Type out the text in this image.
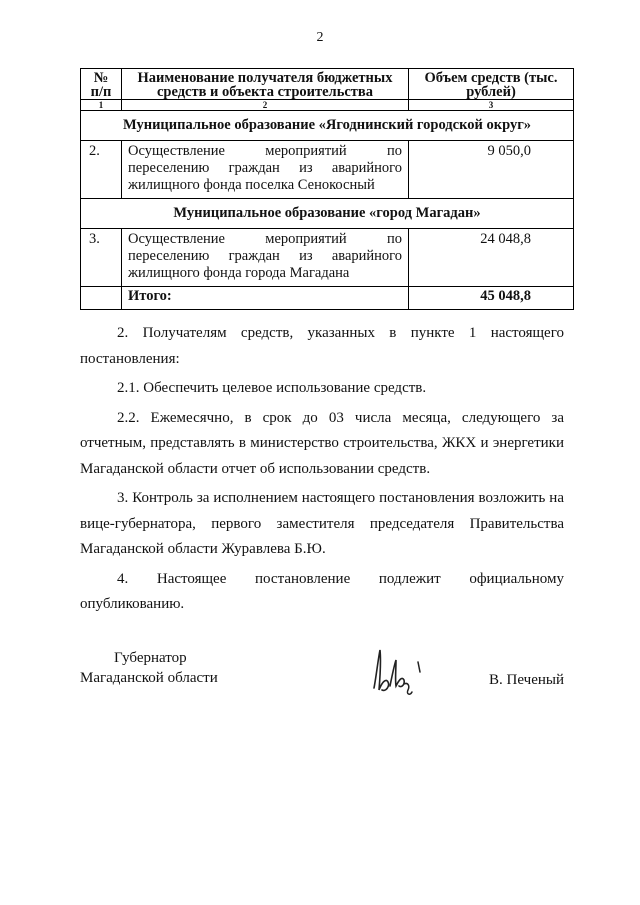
2
№
п/п	Наименование получателя бюджетных средств и объекта строительства	Объем средств (тыс. рублей)
1	2	3
Муниципальное образование «Ягоднинский городской округ»		
2.	Осуществление мероприятий по
переселению граждан из аварийного
жилищного фонда поселка Сенокосный	9 050,0
Муниципальное образование «город Магадан»		
3.	Осуществление мероприятий по
переселению граждан из аварийного
жилищного фонда города Магадана	24 048,8
	Итого:	45 048,8
2. Получателям средств, указанных в пункте 1 настоящего постановления:
2.1. Обеспечить целевое использование средств.
2.2. Ежемесячно, в срок до 03 числа месяца, следующего за отчетным, представлять в министерство строительства, ЖКХ и энергетики Магаданской области отчет об использовании средств.
3. Контроль за исполнением настоящего постановления возложить на вице-губернатора, первого заместителя председателя Правительства Магаданской области Журавлева Б.Ю.
4. Настоящее постановление подлежит официальному опубликованию.
Губернатор
Магаданской области	В. Печеный
